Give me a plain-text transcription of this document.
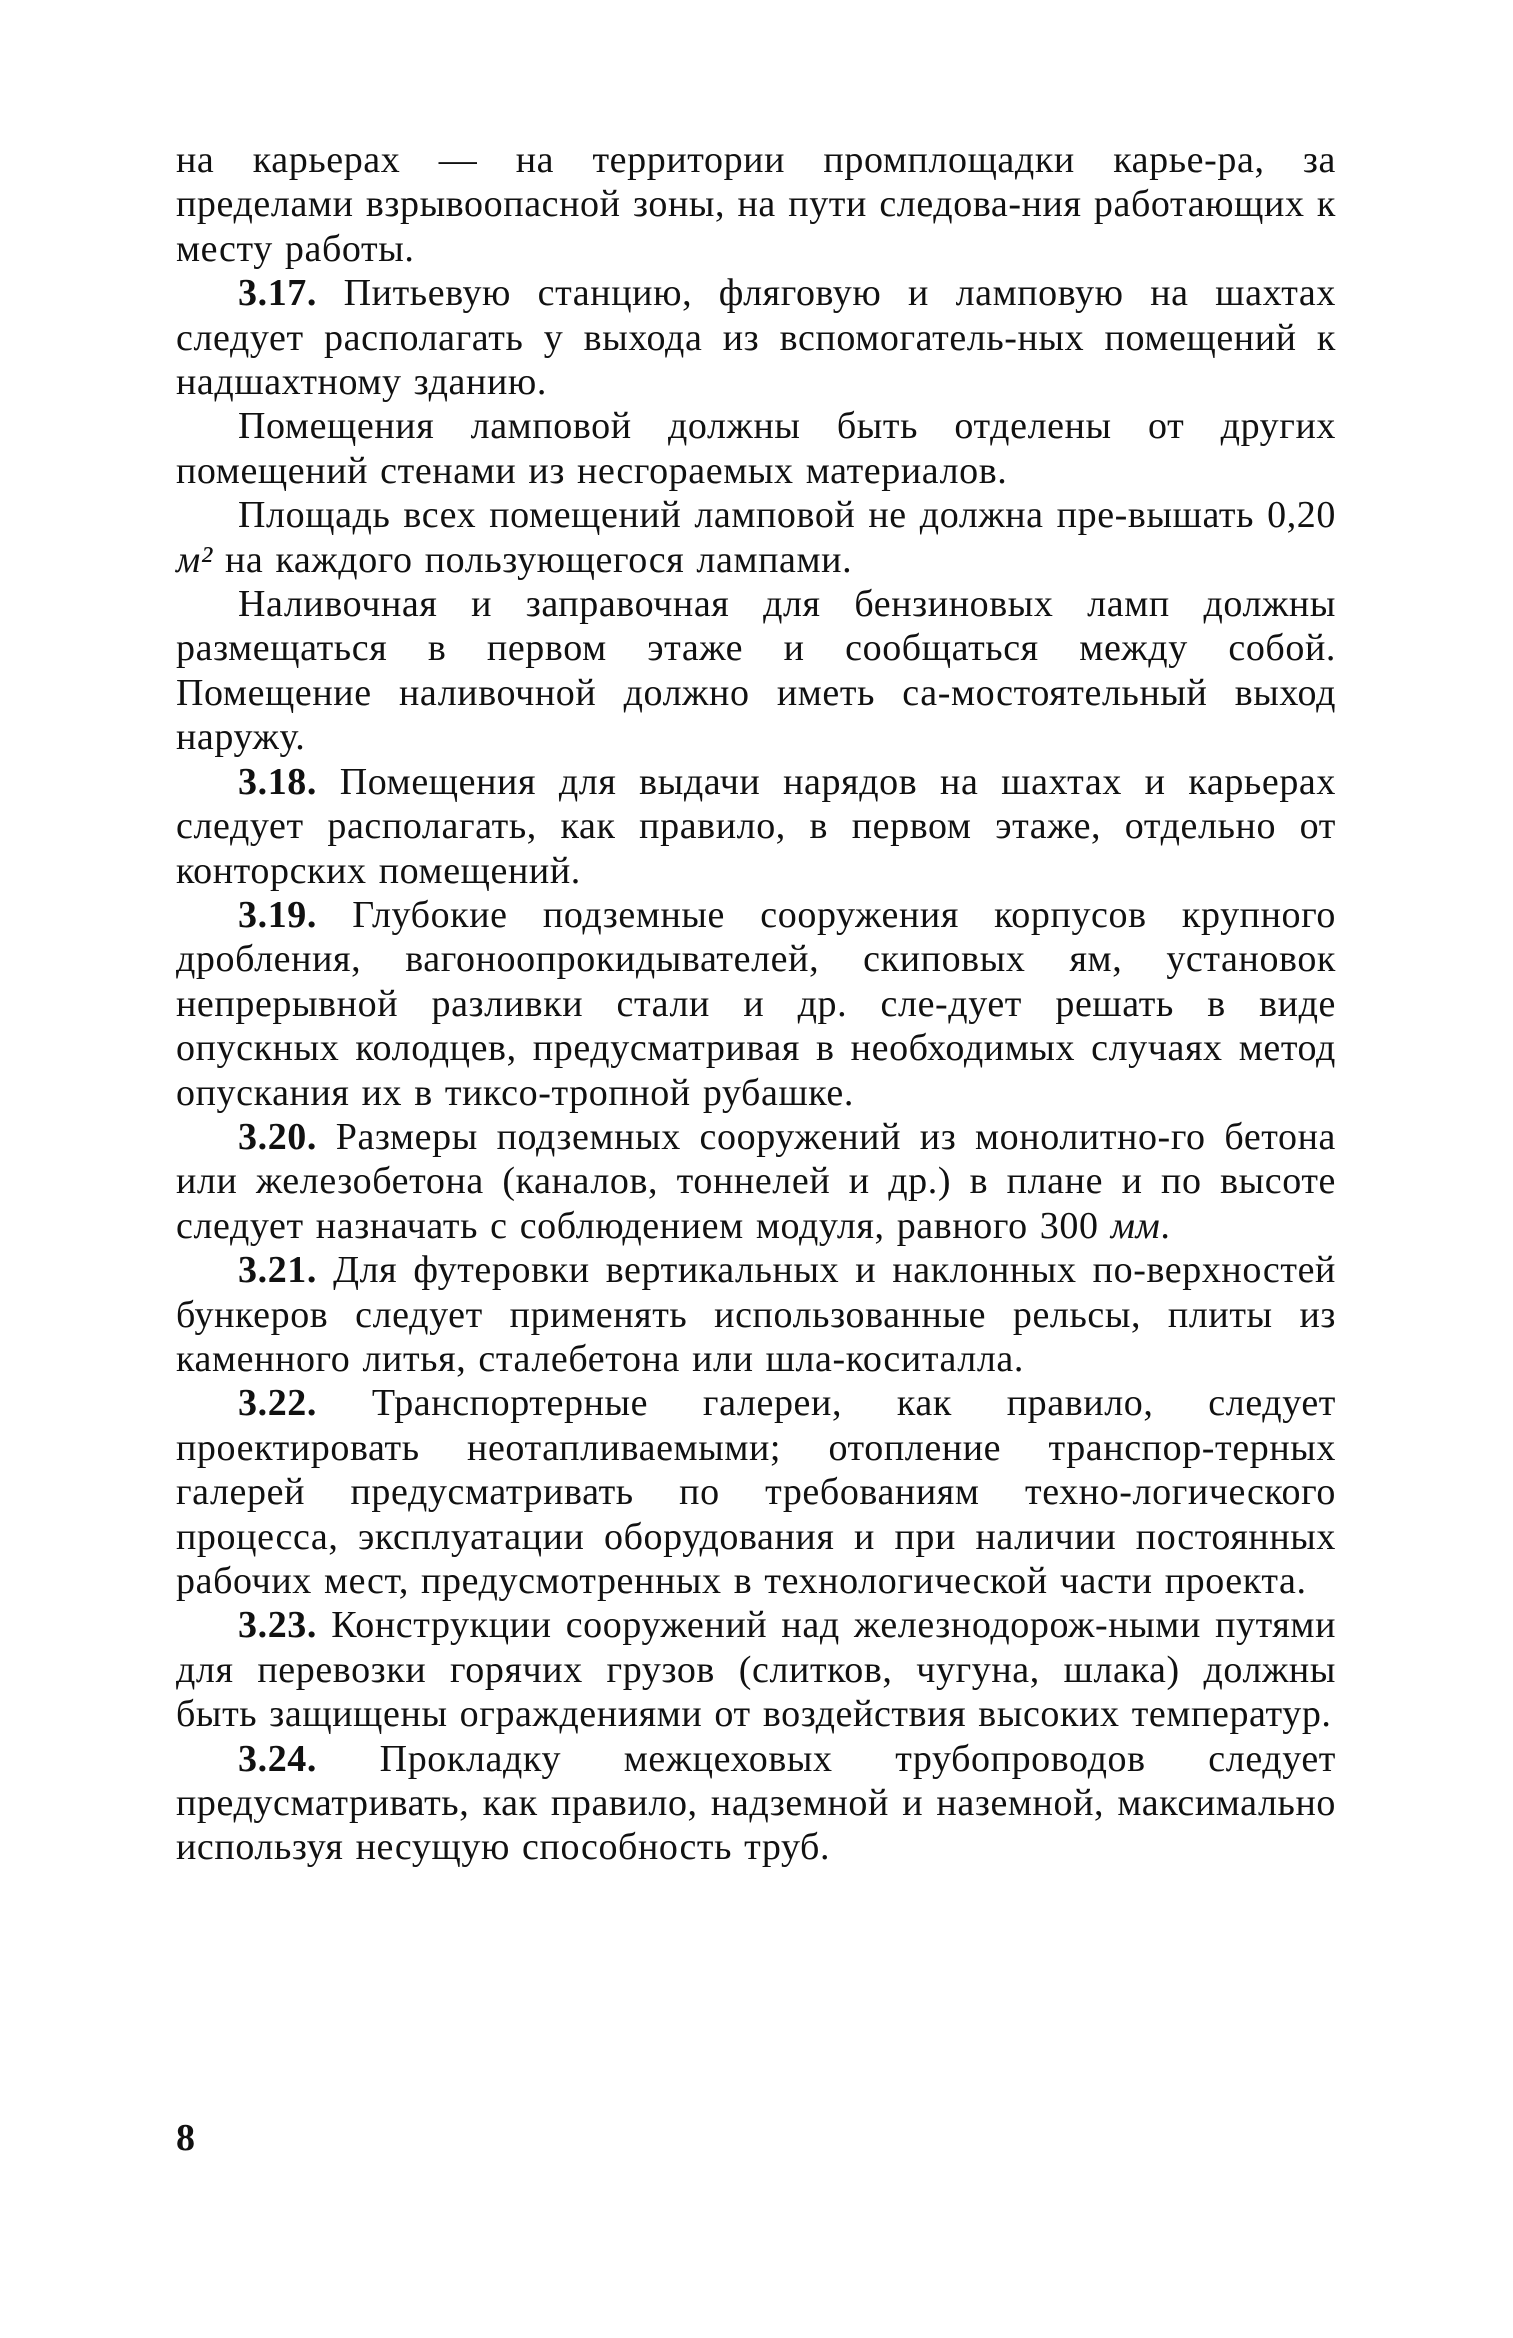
на карьерах — на территории промплощадки карье-ра, за пределами взрывоопасной зоны, на пути следова-ния работающих к месту работы.

3.17. Питьевую станцию, фляговую и ламповую на шахтах следует располагать у выхода из вспомогатель-ных помещений к надшахтному зданию.

Помещения ламповой должны быть отделены от других помещений стенами из несгораемых материалов.

Площадь всех помещений ламповой не должна пре-вышать 0,20 м² на каждого пользующегося лампами.

Наливочная и заправочная для бензиновых ламп должны размещаться в первом этаже и сообщаться между собой. Помещение наливочной должно иметь са-мостоятельный выход наружу.

3.18. Помещения для выдачи нарядов на шахтах и карьерах следует располагать, как правило, в первом этаже, отдельно от конторских помещений.

3.19. Глубокие подземные сооружения корпусов крупного дробления, вагоноопрокидывателей, скиповых ям, установок непрерывной разливки стали и др. сле-дует решать в виде опускных колодцев, предусматривая в необходимых случаях метод опускания их в тиксо-тропной рубашке.

3.20. Размеры подземных сооружений из монолитно-го бетона или железобетона (каналов, тоннелей и др.) в плане и по высоте следует назначать с соблюдением модуля, равного 300 мм.

3.21. Для футеровки вертикальных и наклонных по-верхностей бункеров следует применять использованные рельсы, плиты из каменного литья, сталебетона или шла-коситалла.

3.22. Транспортерные галереи, как правило, следует проектировать неотапливаемыми; отопление транспор-терных галерей предусматривать по требованиям техно-логического процесса, эксплуатации оборудования и при наличии постоянных рабочих мест, предусмотренных в технологической части проекта.

3.23. Конструкции сооружений над железнодорож-ными путями для перевозки горячих грузов (слитков, чугуна, шлака) должны быть защищены ограждениями от воздействия высоких температур.

3.24. Прокладку межцеховых трубопроводов следует предусматривать, как правило, надземной и наземной, максимально используя несущую способность труб.

8
